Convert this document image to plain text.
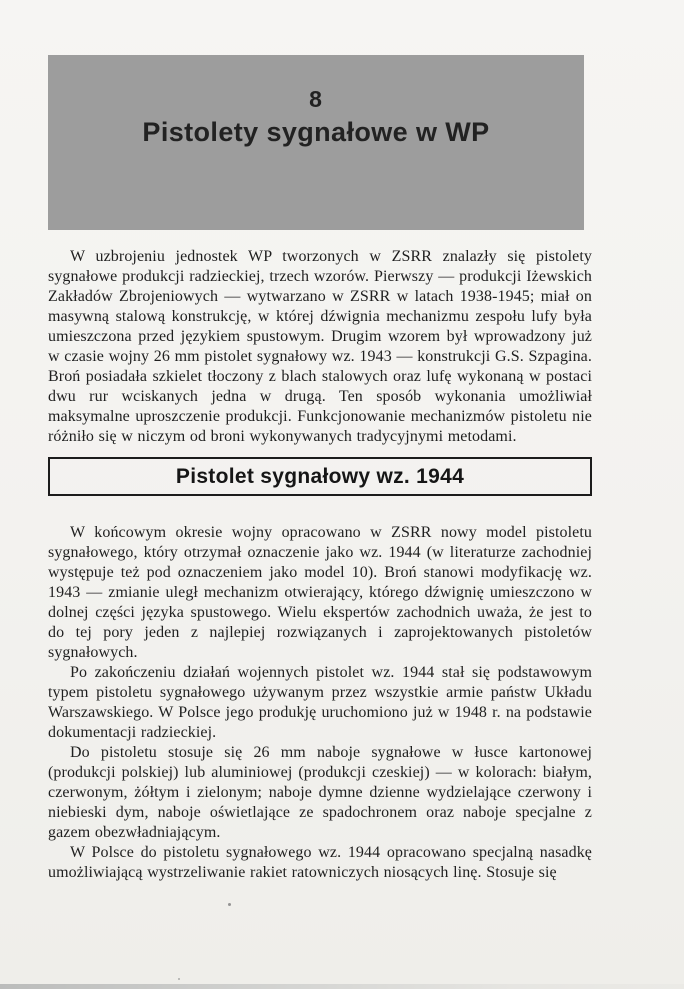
8
Pistolety sygnałowe w WP

W uzbrojeniu jednostek WP tworzonych w ZSRR znalazły się pistolety sygnałowe produkcji radzieckiej, trzech wzorów. Pierwszy — produkcji Iżewskich Zakładów Zbrojeniowych — wytwarzano w ZSRR w latach 1938-1945; miał on masywną stalową konstrukcję, w której dźwignia mechanizmu zespołu lufy była umieszczona przed językiem spustowym. Drugim wzorem był wprowadzony już w czasie wojny 26 mm pistolet sygnałowy wz. 1943 — konstrukcji G.S. Szpagina. Broń posiadała szkielet tłoczony z blach stalowych oraz lufę wykonaną w postaci dwu rur wciskanych jedna w drugą. Ten sposób wykonania umożliwiał maksymalne uproszczenie produkcji. Funkcjonowanie mechanizmów pistoletu nie różniło się w niczym od broni wykonywanych tradycyjnymi metodami.

Pistolet sygnałowy wz. 1944

W końcowym okresie wojny opracowano w ZSRR nowy model pistoletu sygnałowego, który otrzymał oznaczenie jako wz. 1944 (w literaturze zachodniej występuje też pod oznaczeniem jako model 10). Broń stanowi modyfikację wz. 1943 — zmianie uległ mechanizm otwierający, którego dźwignię umieszczono w dolnej części języka spustowego. Wielu ekspertów zachodnich uważa, że jest to do tej pory jeden z najlepiej rozwiązanych i zaprojektowanych pistoletów sygnałowych.

Po zakończeniu działań wojennych pistolet wz. 1944 stał się podstawowym typem pistoletu sygnałowego używanym przez wszystkie armie państw Układu Warszawskiego. W Polsce jego produkję uruchomiono już w 1948 r. na podstawie dokumentacji radzieckiej.

Do pistoletu stosuje się 26 mm naboje sygnałowe w łusce kartonowej (produkcji polskiej) lub aluminiowej (produkcji czeskiej) — w kolorach: białym, czerwonym, żółtym i zielonym; naboje dymne dzienne wydzielające czerwony i niebieski dym, naboje oświetlające ze spadochronem oraz naboje specjalne z gazem obezwładniającym.

W Polsce do pistoletu sygnałowego wz. 1944 opracowano specjalną nasadkę umożliwiającą wystrzeliwanie rakiet ratowniczych niosących linę. Stosuje się
